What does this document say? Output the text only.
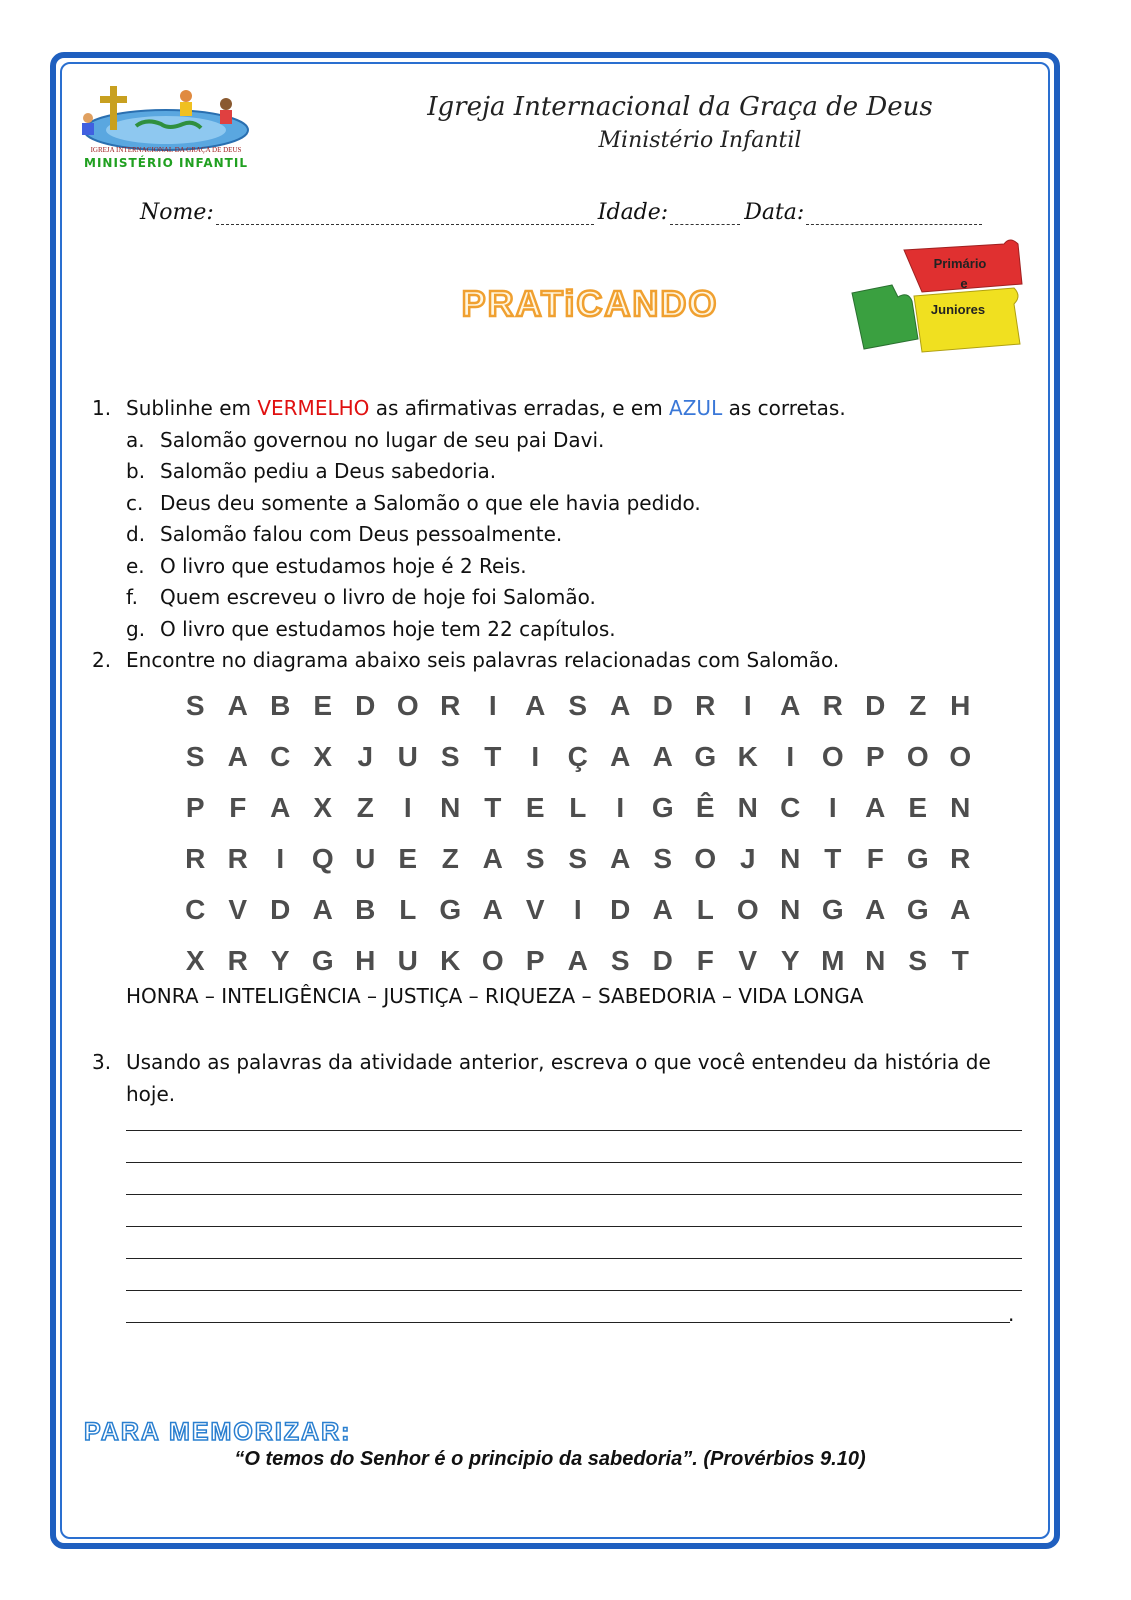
IGREJA INTERNACIONAL DA GRAÇA DE DEUS
MINISTÉRIO INFANTIL
Igreja Internacional da Graça de Deus
Ministério Infantil
Nome:	Idade:	Data:
PRATiCANDO
Primário
e
Juniores
1. Sublinhe em VERMELHO as afirmativas erradas, e em AZUL as corretas.
a. Salomão governou no lugar de seu pai Davi.
b. Salomão pediu a Deus sabedoria.
c. Deus deu somente a Salomão o que ele havia pedido.
d. Salomão falou com Deus pessoalmente.
e. O livro que estudamos hoje é 2 Reis.
f.	Quem escreveu o livro de hoje foi Salomão.
g. O livro que estudamos hoje tem 22 capítulos.
2. Encontre no diagrama abaixo seis palavras relacionadas com Salomão.
S A B E D O R	I	A S A D R	I	A R D Z H
S A C X J U S T	I	Ç A A G K	I O P O O
P F A X Z	I	N T E L	I G Ê N C	I	A E N
R R	I Q U E Z A S S A S O J N T F G R
C V D A B L G A V	I	D A L O N G A G A
X R Y G H U K O P A S D F V Y M N S T
HONRA – INTELIGÊNCIA – JUSTIÇA – RIQUEZA – SABEDORIA – VIDA LONGA
3. Usando as palavras da atividade anterior, escreva o que você entendeu da história de hoje.
.
PARA MEMORIZAR:
“O temos do Senhor é o principio da sabedoria”. (Provérbios 9.10)
